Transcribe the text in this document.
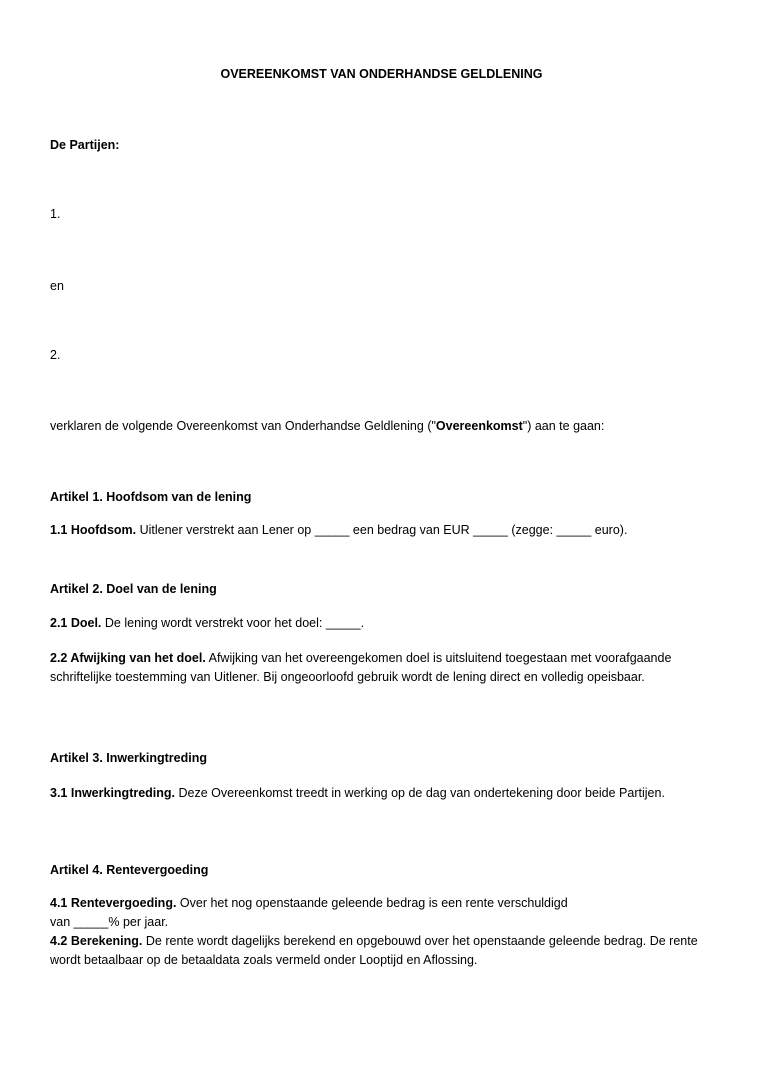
OVEREENKOMST VAN ONDERHANDSE GELDLENING
De Partijen:
1.
en
2.
verklaren de volgende Overeenkomst van Onderhandse Geldlening ("Overeenkomst") aan te gaan:
Artikel 1. Hoofdsom van de lening
1.1 Hoofdsom. Uitlener verstrekt aan Lener op _____ een bedrag van EUR _____ (zegge: _____ euro).
Artikel 2. Doel van de lening
2.1 Doel. De lening wordt verstrekt voor het doel: _____.
2.2 Afwijking van het doel. Afwijking van het overeengekomen doel is uitsluitend toegestaan met voorafgaande schriftelijke toestemming van Uitlener. Bij ongeoorloofd gebruik wordt de lening direct en volledig opeisbaar.
Artikel 3. Inwerkingtreding
3.1 Inwerkingtreding. Deze Overeenkomst treedt in werking op de dag van ondertekening door beide Partijen.
Artikel 4. Rentevergoeding
4.1 Rentevergoeding. Over het nog openstaande geleende bedrag is een rente verschuldigd
van _____% per jaar.
4.2 Berekening. De rente wordt dagelijks berekend en opgebouwd over het openstaande geleende bedrag. De rente wordt betaalbaar op de betaaldata zoals vermeld onder Looptijd en Aflossing.
